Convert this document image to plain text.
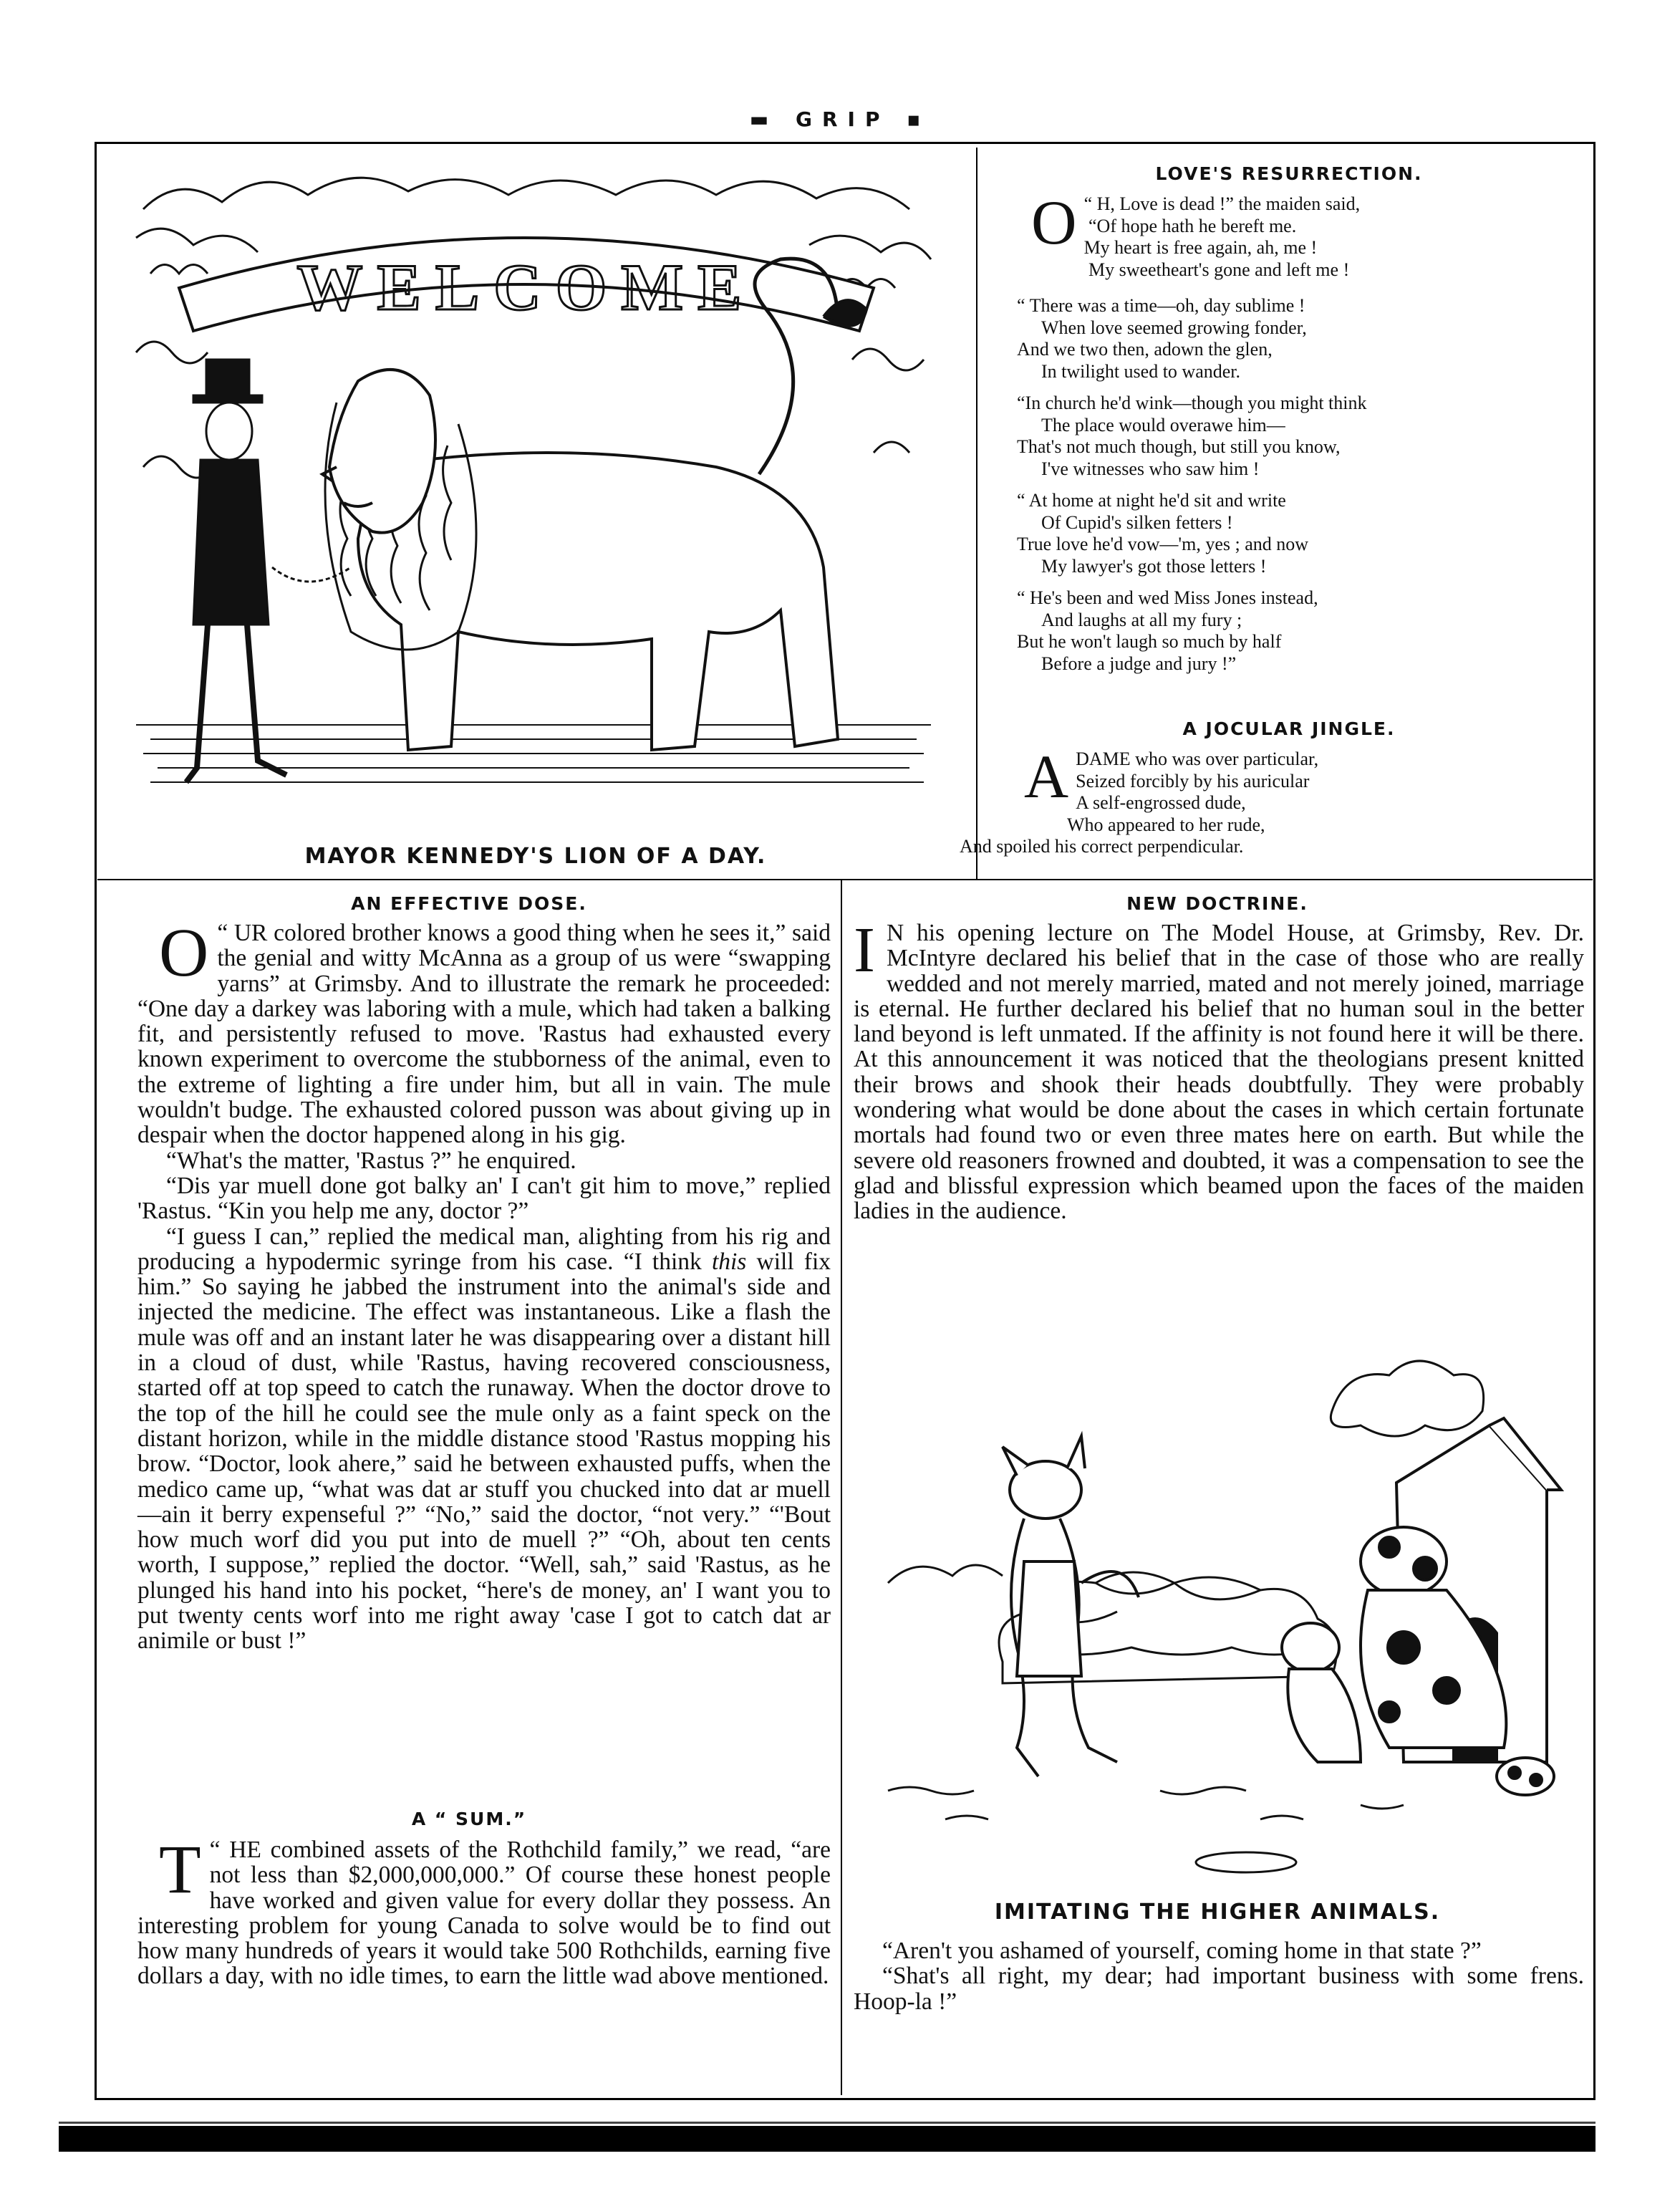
▬ GRIP ▪
WELCOME
MAYOR KENNEDY'S LION OF A DAY.
LOVE'S RESURRECTION.
O “ H, Love is dead !” the maiden said,
“Of hope hath he bereft me.
My heart is free again, ah, me !
My sweetheart's gone and left me !

“ There was a time—oh, day sublime !
When love seemed growing fonder,
And we two then, adown the glen,
In twilight used to wander.

“In church he'd wink—though you might think
The place would overawe him—
That's not much though, but still you know,
I've witnesses who saw him !

“ At home at night he'd sit and write
Of Cupid's silken fetters !
True love he'd vow—'m, yes ; and now
My lawyer's got those letters !

“ He's been and wed Miss Jones instead,
And laughs at all my fury ;
But he won't laugh so much by half
Before a judge and jury !”

A JOCULAR JINGLE.
A DAME who was over particular,
Seized forcibly by his auricular
A self-engrossed dude,
Who appeared to her rude,
And spoiled his correct perpendicular.
AN EFFECTIVE DOSE.

O “ UR colored brother knows a good thing when he sees it,” said the genial and witty McAnna as a group of us were “swapping yarns” at Grimsby. And to illustrate the remark he proceeded: “One day a darkey was laboring with a mule, which had taken a balking fit, and persistently refused to move. 'Rastus had exhausted every known experiment to overcome the stubborness of the animal, even to the extreme of lighting a fire under him, but all in vain. The mule wouldn't budge. The exhausted colored pusson was about giving up in despair when the doctor happened along in his gig.

“What's the matter, 'Rastus ?” he enquired.

“Dis yar muell done got balky an' I can't git him to move,” replied 'Rastus. “Kin you help me any, doctor ?”

“I guess I can,” replied the medical man, alighting from his rig and producing a hypodermic syringe from his case. “I think this will fix him.” So saying he jabbed the instrument into the animal's side and injected the medicine. The effect was instantaneous. Like a flash the mule was off and an instant later he was disappearing over a distant hill in a cloud of dust, while 'Rastus, having recovered consciousness, started off at top speed to catch the runaway. When the doctor drove to the top of the hill he could see the mule only as a faint speck on the distant horizon, while in the middle distance stood 'Rastus mopping his brow. “Doctor, look ahere,” said he between exhausted puffs, when the medico came up, “what was dat ar stuff you chucked into dat ar muell—ain it berry expenseful ?” “No,” said the doctor, “not very.” “'Bout how much worf did you put into de muell ?” “Oh, about ten cents worth, I suppose,” replied the doctor. “Well, sah,” said 'Rastus, as he plunged his hand into his pocket, “here's de money, an' I want you to put twenty cents worf into me right away 'case I got to catch dat ar animile or bust !”

A “ SUM.”

T “ HE combined assets of the Rothchild family,” we read, “are not less than $2,000,000,000.” Of course these honest people have worked and given value for every dollar they possess. An interesting problem for young Canada to solve would be to find out how many hundreds of years it would take 500 Rothchilds, earning five dollars a day, with no idle times, to earn the little wad above mentioned.

NEW DOCTRINE.

I N his opening lecture on The Model House, at Grimsby, Rev. Dr. McIntyre declared his belief that in the case of those who are really wedded and not merely married, mated and not merely joined, marriage is eternal. He further declared his belief that no human soul in the better land beyond is left unmated. If the affinity is not found here it will be there. At this announcement it was noticed that the theologians present knitted their brows and shook their heads doubtfully. They were probably wondering what would be done about the cases in which certain fortunate mortals had found two or even three mates here on earth. But while the severe old reasoners frowned and doubted, it was a compensation to see the glad and blissful expression which beamed upon the faces of the maiden ladies in the audience.

IMITATING THE HIGHER ANIMALS.

“Aren't you ashamed of yourself, coming home in that state ?”

“Shat's all right, my dear; had important business with some frens. Hoop-la !”
